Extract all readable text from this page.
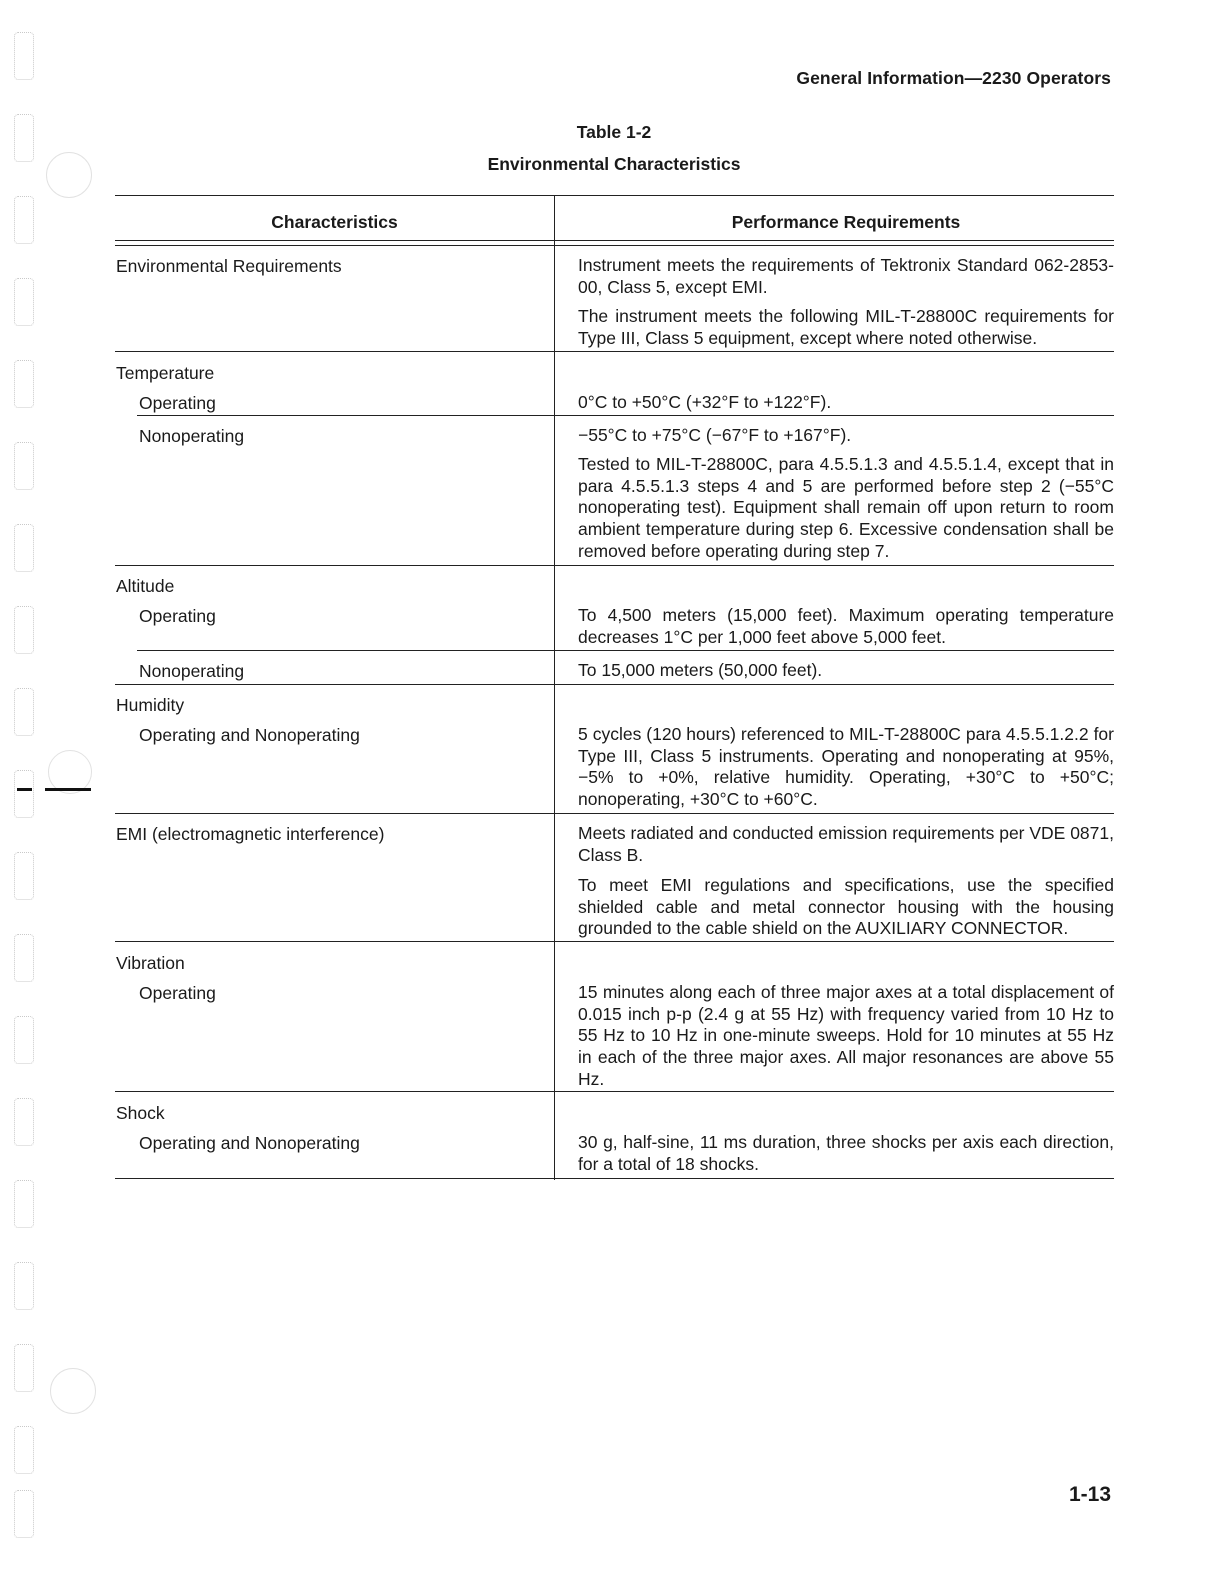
General Information—2230 Operators
Table 1-2
Environmental Characteristics
Characteristics	Performance Requirements
Environmental Requirements	Instrument meets the requirements of Tektronix Standard 062-2853-00, Class 5, except EMI.
The instrument meets the following MIL-T-28800C requirements for Type III, Class 5 equipment, except where noted otherwise.
Temperature
Operating	0°C to +50°C (+32°F to +122°F).
Nonoperating	−55°C to +75°C (−67°F to +167°F).
Tested to MIL-T-28800C, para 4.5.5.1.3 and 4.5.5.1.4, except that in para 4.5.5.1.3 steps 4 and 5 are performed before step 2 (−55°C nonoperating test). Equipment shall remain off upon return to room ambient temperature during step 6. Excessive condensation shall be removed before operating during step 7.
Altitude
Operating	To 4,500 meters (15,000 feet). Maximum operating temperature decreases 1°C per 1,000 feet above 5,000 feet.
Nonoperating	To 15,000 meters (50,000 feet).
Humidity
Operating and Nonoperating	5 cycles (120 hours) referenced to MIL-T-28800C para 4.5.5.1.2.2 for Type III, Class 5 instruments. Operating and nonoperating at 95%, −5% to +0%, relative humidity. Operating, +30°C to +50°C; nonoperating, +30°C to +60°C.
EMI (electromagnetic interference)	Meets radiated and conducted emission requirements per VDE 0871, Class B.
To meet EMI regulations and specifications, use the specified shielded cable and metal connector housing with the housing grounded to the cable shield on the AUXILIARY CONNECTOR.
Vibration
Operating	15 minutes along each of three major axes at a total displacement of 0.015 inch p-p (2.4 g at 55 Hz) with frequency varied from 10 Hz to 55 Hz to 10 Hz in one-minute sweeps. Hold for 10 minutes at 55 Hz in each of the three major axes. All major resonances are above 55 Hz.
Shock
Operating and Nonoperating	30 g, half-sine, 11 ms duration, three shocks per axis each direction, for a total of 18 shocks.
1-13
